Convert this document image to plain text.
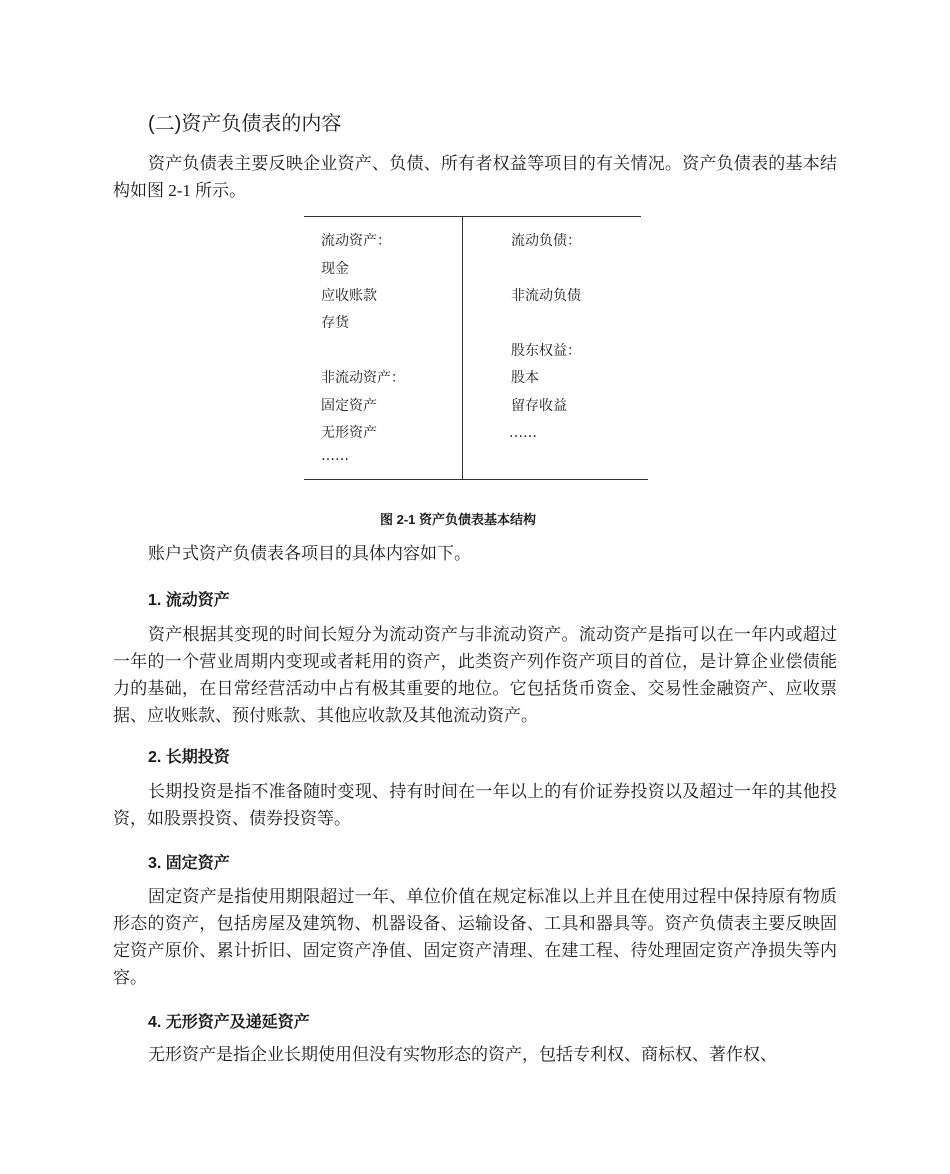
(二)资产负债表的内容

资产负债表主要反映企业资产、负债、所有者权益等项目的有关情况。资产负债表的基本结构如图 2-1 所示。

流动资产：
现金
应收账款
存货
非流动资产：
固定资产
无形资产
……
流动负债：
非流动负债
股东权益：
股本
留存收益
……
图 2-1 资产负债表基本结构

账户式资产负债表各项目的具体内容如下。

1. 流动资产

资产根据其变现的时间长短分为流动资产与非流动资产。流动资产是指可以在一年内或超过一年的一个营业周期内变现或者耗用的资产，此类资产列作资产项目的首位，是计算企业偿债能力的基础，在日常经营活动中占有极其重要的地位。它包括货币资金、交易性金融资产、应收票据、应收账款、预付账款、其他应收款及其他流动资产。

2. 长期投资

长期投资是指不准备随时变现、持有时间在一年以上的有价证券投资以及超过一年的其他投资，如股票投资、债券投资等。

3. 固定资产

固定资产是指使用期限超过一年、单位价值在规定标准以上并且在使用过程中保持原有物质形态的资产，包括房屋及建筑物、机器设备、运输设备、工具和器具等。资产负债表主要反映固定资产原价、累计折旧、固定资产净值、固定资产清理、在建工程、待处理固定资产净损失等内容。

4. 无形资产及递延资产

无形资产是指企业长期使用但没有实物形态的资产，包括专利权、商标权、著作权、
